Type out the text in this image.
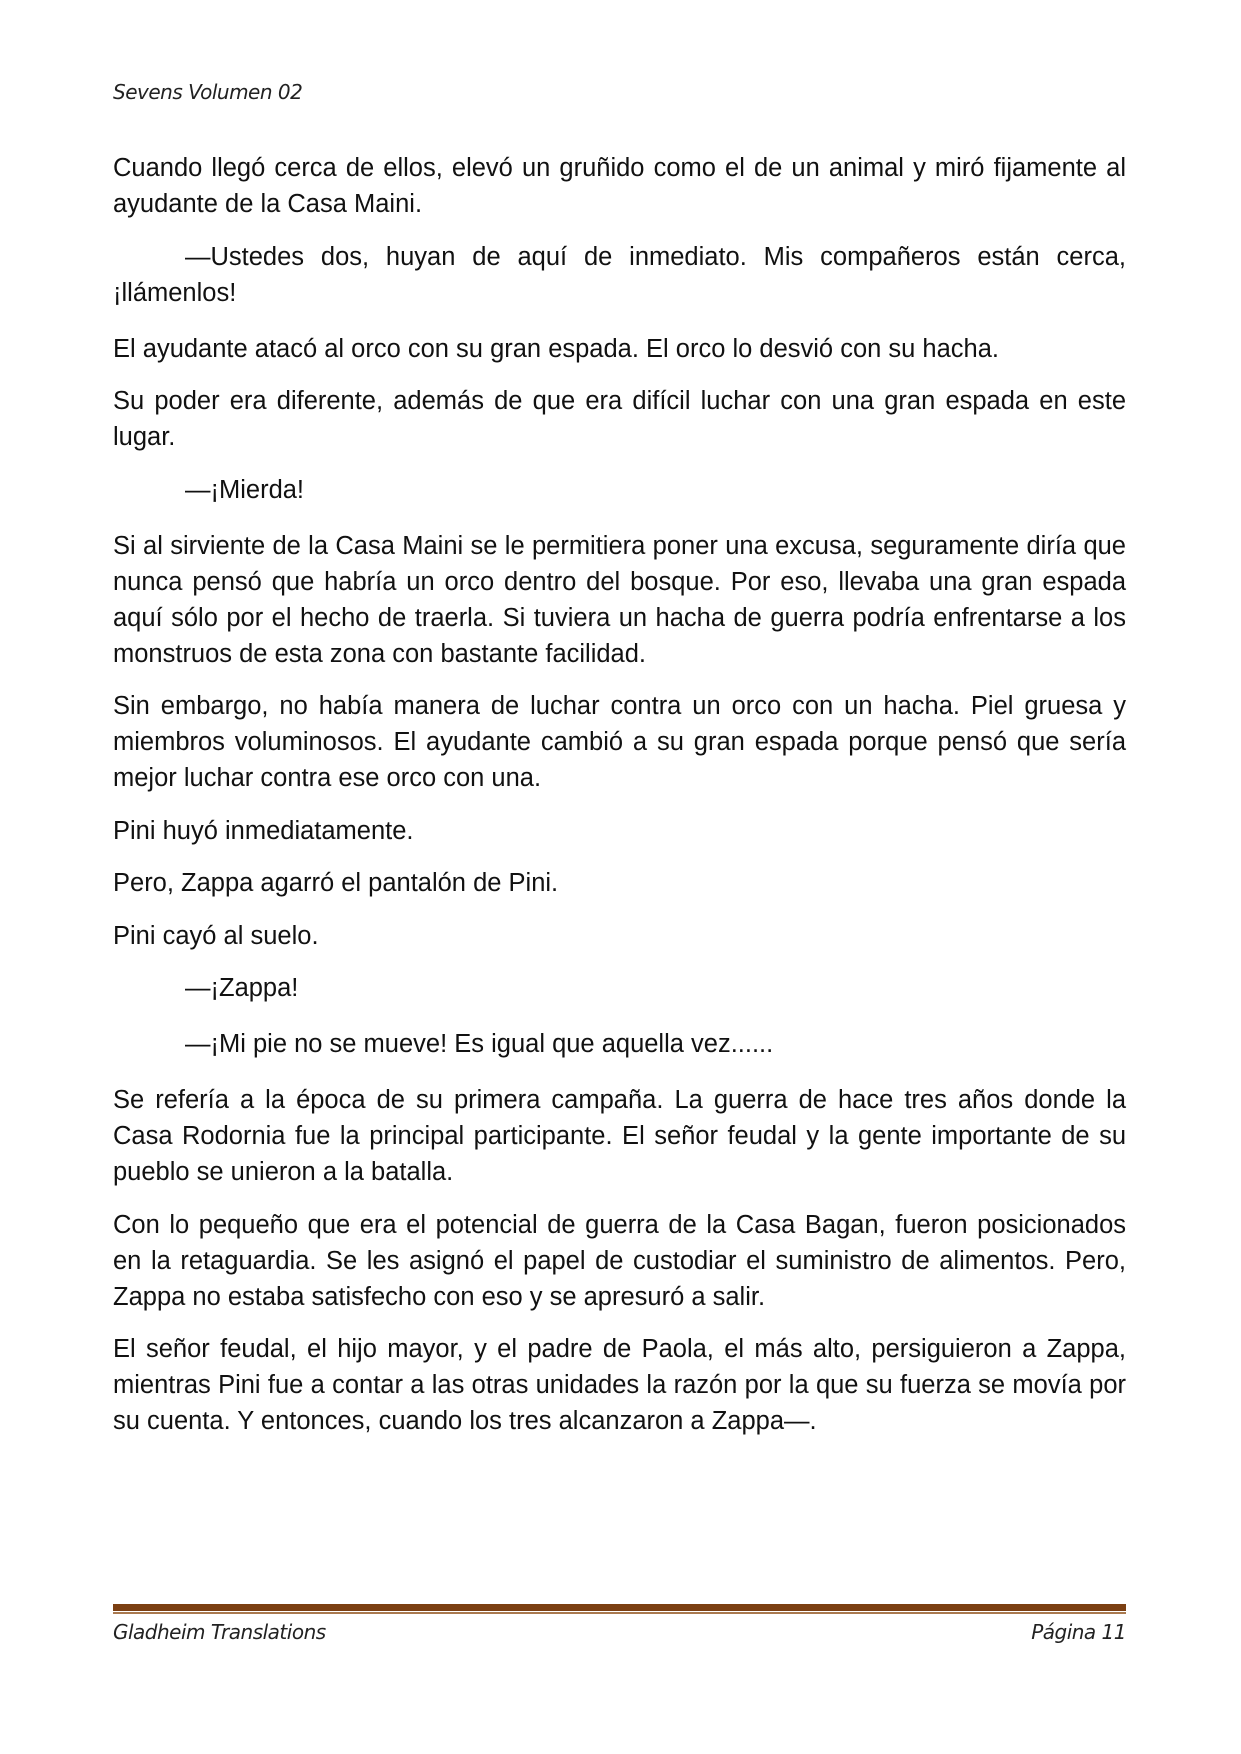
Sevens Volumen 02

Cuando llegó cerca de ellos, elevó un gruñido como el de un animal y miró fijamente al ayudante de la Casa Maini.

—Ustedes dos, huyan de aquí de inmediato. Mis compañeros están cerca, ¡llámenlos!

El ayudante atacó al orco con su gran espada. El orco lo desvió con su hacha.

Su poder era diferente, además de que era difícil luchar con una gran espada en este lugar.

—¡Mierda!

Si al sirviente de la Casa Maini se le permitiera poner una excusa, seguramente diría que nunca pensó que habría un orco dentro del bosque. Por eso, llevaba una gran espada aquí sólo por el hecho de traerla. Si tuviera un hacha de guerra podría enfrentarse a los monstruos de esta zona con bastante facilidad.

Sin embargo, no había manera de luchar contra un orco con un hacha. Piel gruesa y miembros voluminosos. El ayudante cambió a su gran espada porque pensó que sería mejor luchar contra ese orco con una.

Pini huyó inmediatamente.

Pero, Zappa agarró el pantalón de Pini.

Pini cayó al suelo.

—¡Zappa!

—¡Mi pie no se mueve! Es igual que aquella vez......

Se refería a la época de su primera campaña. La guerra de hace tres años donde la Casa Rodornia fue la principal participante. El señor feudal y la gente importante de su pueblo se unieron a la batalla.

Con lo pequeño que era el potencial de guerra de la Casa Bagan, fueron posicionados en la retaguardia. Se les asignó el papel de custodiar el suministro de alimentos. Pero, Zappa no estaba satisfecho con eso y se apresuró a salir.

El señor feudal, el hijo mayor, y el padre de Paola, el más alto, persiguieron a Zappa, mientras Pini fue a contar a las otras unidades la razón por la que su fuerza se movía por su cuenta. Y entonces, cuando los tres alcanzaron a Zappa—.

Gladheim Translations	Página 11
